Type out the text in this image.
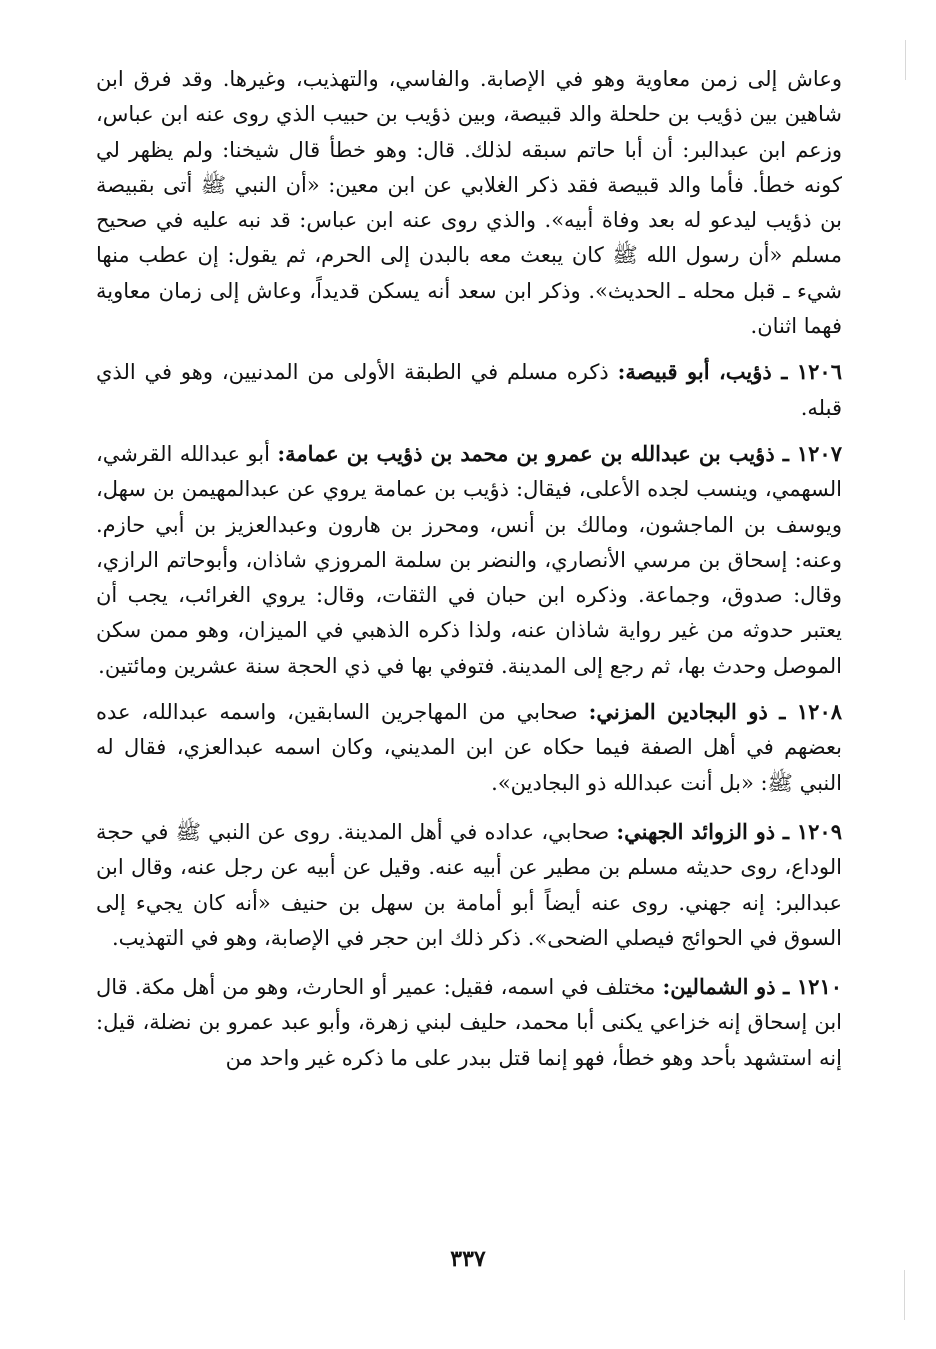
وعاش إلى زمن معاوية وهو في الإصابة. والفاسي، والتهذيب، وغيرها. وقد فرق ابن شاهين بين ذؤيب بن حلحلة والد قبيصة، وبين ذؤيب بن حبيب الذي روى عنه ابن عباس، وزعم ابن عبدالبر: أن أبا حاتم سبقه لذلك. قال: وهو خطأ قال شيخنا: ولم يظهر لي كونه خطأ. فأما والد قبيصة فقد ذكر الغلابي عن ابن معين: «أن النبي ﷺ أتى بقبيصة بن ذؤيب ليدعو له بعد وفاة أبيه». والذي روى عنه ابن عباس: قد نبه عليه في صحيح مسلم «أن رسول الله ﷺ كان يبعث معه بالبدن إلى الحرم، ثم يقول: إن عطب منها شيء ـ قبل محله ـ الحديث». وذكر ابن سعد أنه يسكن قديداً، وعاش إلى زمان معاوية فهما اثنان.

١٢٠٦ ـ ذؤيب، أبو قبيصة: ذكره مسلم في الطبقة الأولى من المدنيين، وهو في الذي قبله.

١٢٠٧ ـ ذؤيب بن عبدالله بن عمرو بن محمد بن ذؤيب بن عمامة: أبو عبدالله القرشي، السهمي، وينسب لجده الأعلى، فيقال: ذؤيب بن عمامة يروي عن عبدالمهيمن بن سهل، ويوسف بن الماجشون، ومالك بن أنس، ومحرز بن هارون وعبدالعزيز بن أبي حازم. وعنه: إسحاق بن مرسي الأنصاري، والنضر بن سلمة المروزي شاذان، وأبوحاتم الرازي، وقال: صدوق، وجماعة. وذكره ابن حبان في الثقات، وقال: يروي الغرائب، يجب أن يعتبر حدوثه من غير رواية شاذان عنه، ولذا ذكره الذهبي في الميزان، وهو ممن سكن الموصل وحدث بها، ثم رجع إلى المدينة. فتوفي بها في ذي الحجة سنة عشرين ومائتين.

١٢٠٨ ـ ذو البجادين المزني: صحابي من المهاجرين السابقين، واسمه عبدالله، عده بعضهم في أهل الصفة فيما حكاه عن ابن المديني، وكان اسمه عبدالعزي، فقال له النبي ﷺ: «بل أنت عبدالله ذو البجادين».

١٢٠٩ ـ ذو الزوائد الجهني: صحابي، عداده في أهل المدينة. روى عن النبي ﷺ في حجة الوداع، روى حديثه مسلم بن مطير عن أبيه عنه. وقيل عن أبيه عن رجل عنه، وقال ابن عبدالبر: إنه جهني. روى عنه أيضاً أبو أمامة بن سهل بن حنيف «أنه كان يجيء إلى السوق في الحوائج فيصلي الضحى». ذكر ذلك ابن حجر في الإصابة، وهو في التهذيب.

١٢١٠ ـ ذو الشمالين: مختلف في اسمه، فقيل: عمير أو الحارث، وهو من أهل مكة. قال ابن إسحاق إنه خزاعي يكنى أبا محمد، حليف لبني زهرة، وأبو عبد عمرو بن نضلة، قيل: إنه استشهد بأحد وهو خطأ، فهو إنما قتل ببدر على ما ذكره غير واحد من

٣٣٧
